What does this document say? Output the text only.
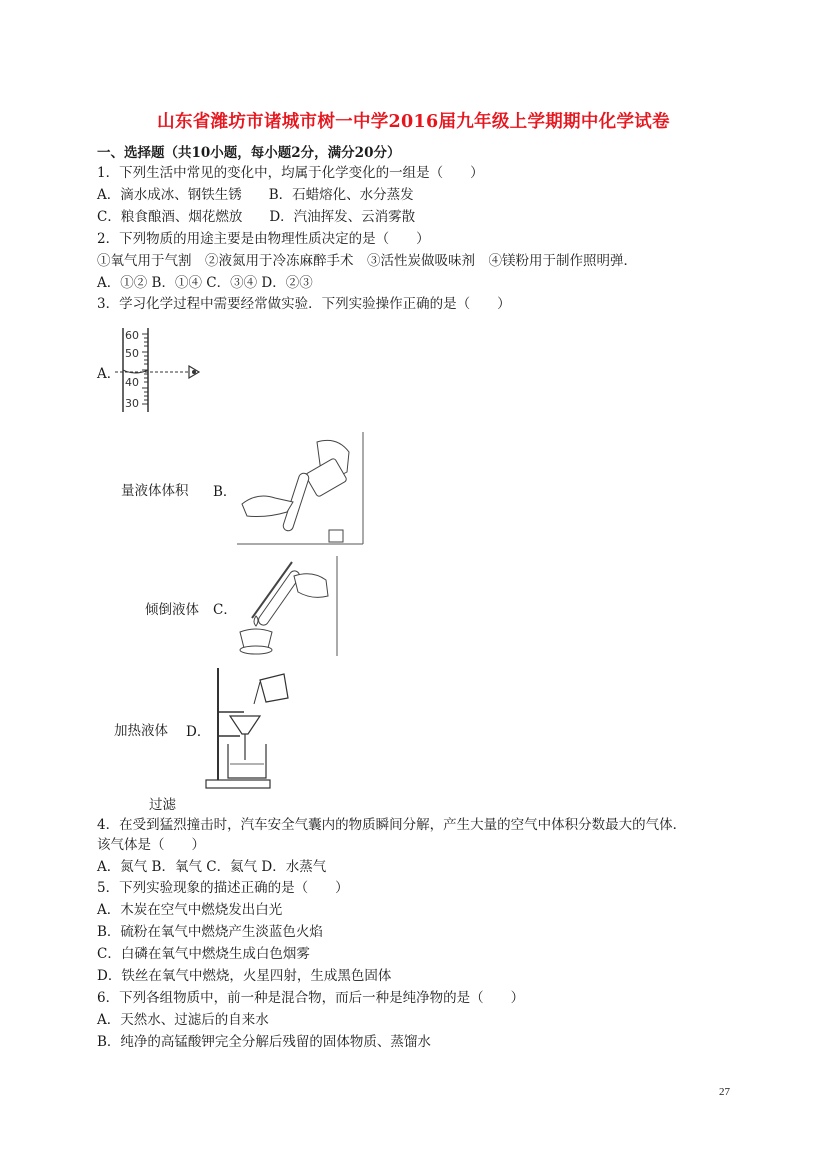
山东省潍坊市诸城市树一中学2016届九年级上学期期中化学试卷
一、选择题（共10小题，每小题2分，满分20分）
1．下列生活中常见的变化中，均属于化学变化的一组是（　　）
A．滴水成冰、钢铁生锈　　B．石蜡熔化、水分蒸发
C．粮食酿酒、烟花燃放　　D．汽油挥发、云消雾散
2．下列物质的用途主要是由物理性质决定的是（　　）
①氧气用于气割　②液氮用于冷冻麻醉手术　③活性炭做吸味剂　④镁粉用于制作照明弹．
A．①② B．①④ C．③④ D．②③
3．学习化学过程中需要经常做实验．下列实验操作正确的是（　　）
A．
60
50
40
30
量液体体积 B．
倾倒液体 C．
加热液体 D．
过滤
4．在受到猛烈撞击时，汽车安全气囊内的物质瞬间分解，产生大量的空气中体积分数最大的气体．
该气体是（　　）
A．氮气 B．氧气 C．氦气 D．水蒸气
5．下列实验现象的描述正确的是（　　）
A．木炭在空气中燃烧发出白光
B．硫粉在氧气中燃烧产生淡蓝色火焰
C．白磷在氧气中燃烧生成白色烟雾
D．铁丝在氧气中燃烧，火星四射，生成黑色固体
6．下列各组物质中，前一种是混合物，而后一种是纯净物的是（　　）
A．天然水、过滤后的自来水
B．纯净的高锰酸钾完全分解后残留的固体物质、蒸馏水
27
